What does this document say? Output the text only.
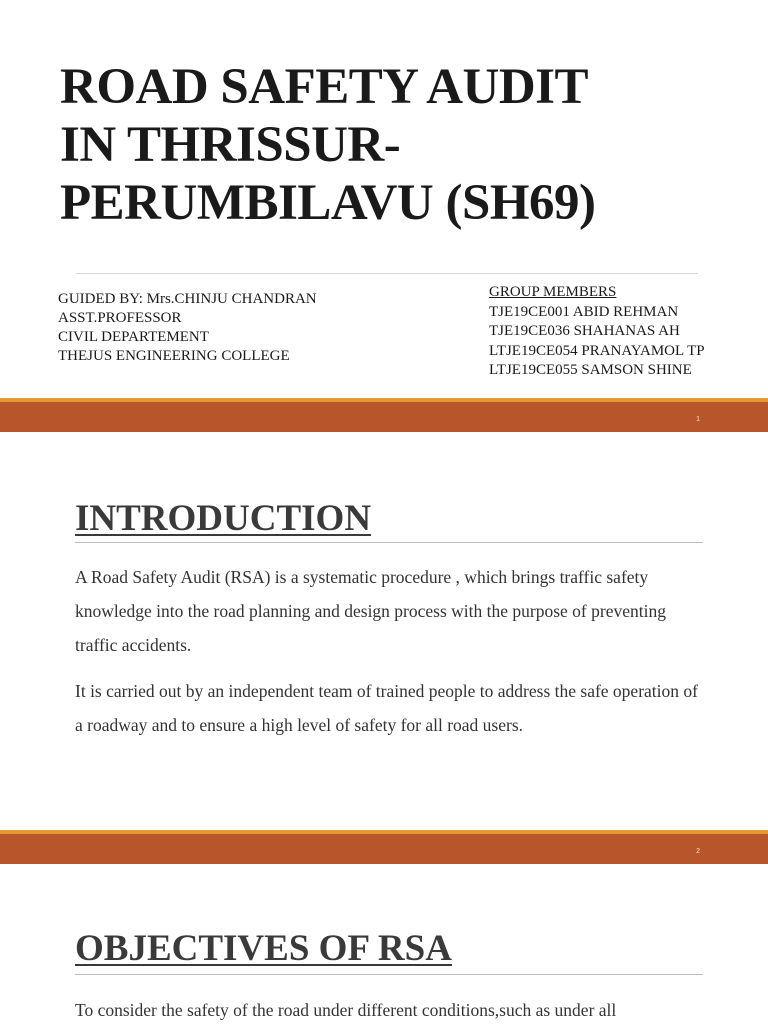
ROAD SAFETY AUDIT
IN THRISSUR-
PERUMBILAVU (SH69)
GUIDED BY: Mrs.CHINJU CHANDRAN
ASST.PROFESSOR
CIVIL DEPARTEMENT
THEJUS ENGINEERING COLLEGE
GROUP MEMBERS
TJE19CE001 ABID REHMAN
TJE19CE036 SHAHANAS AH
LTJE19CE054 PRANAYAMOL TP
LTJE19CE055 SAMSON SHINE
1
INTRODUCTION

A Road Safety Audit (RSA) is a systematic procedure , which brings traffic safety knowledge into the road planning and design process with the purpose of preventing traffic accidents.

It is carried out by an independent team of trained people to address the safe operation of a roadway and to ensure a high level of safety for all road users.

2
OBJECTIVES OF RSA

To consider the safety of the road under different conditions,such as under all
